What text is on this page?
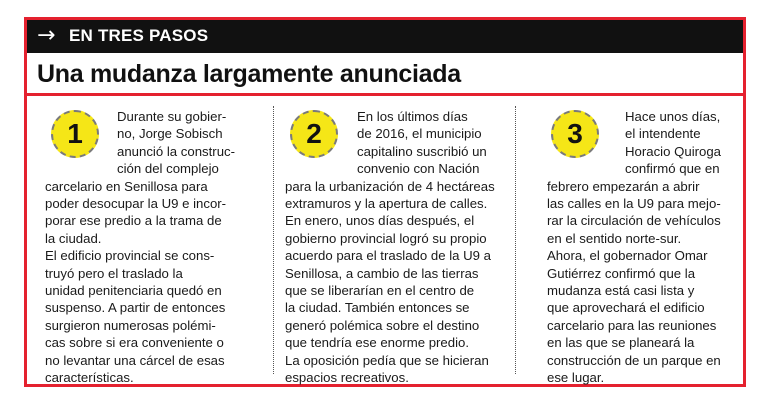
→ EN TRES PASOS
Una mudanza largamente anunciada
1
Durante su gobier-
no, Jorge Sobisch
anunció la construc-
ción del complejo
carcelario en Senillosa para
poder desocupar la U9 e incor-
porar ese predio a la trama de
la ciudad.
El edificio provincial se cons-
truyó pero el traslado la
unidad penitenciaria quedó en
suspenso. A partir de entonces
surgieron numerosas polémi-
cas sobre si era conveniente o
no levantar una cárcel de esas
características.
2
En los últimos días
de 2016, el municipio
capitalino suscribió un
convenio con Nación
para la urbanización de 4 hectáreas
extramuros y la apertura de calles.
En enero, unos días después, el
gobierno provincial logró su propio
acuerdo para el traslado de la U9 a
Senillosa, a cambio de las tierras
que se liberarían en el centro de
la ciudad. También entonces se
generó polémica sobre el destino
que tendría ese enorme predio.
La oposición pedía que se hicieran
espacios recreativos.
3
Hace unos días,
el intendente
Horacio Quiroga
confirmó que en
febrero empezarán a abrir
las calles en la U9 para mejo-
rar la circulación de vehículos
en el sentido norte-sur.
Ahora, el gobernador Omar
Gutiérrez confirmó que la
mudanza está casi lista y
que aprovechará el edificio
carcelario para las reuniones
en las que se planeará la
construcción de un parque en
ese lugar.
